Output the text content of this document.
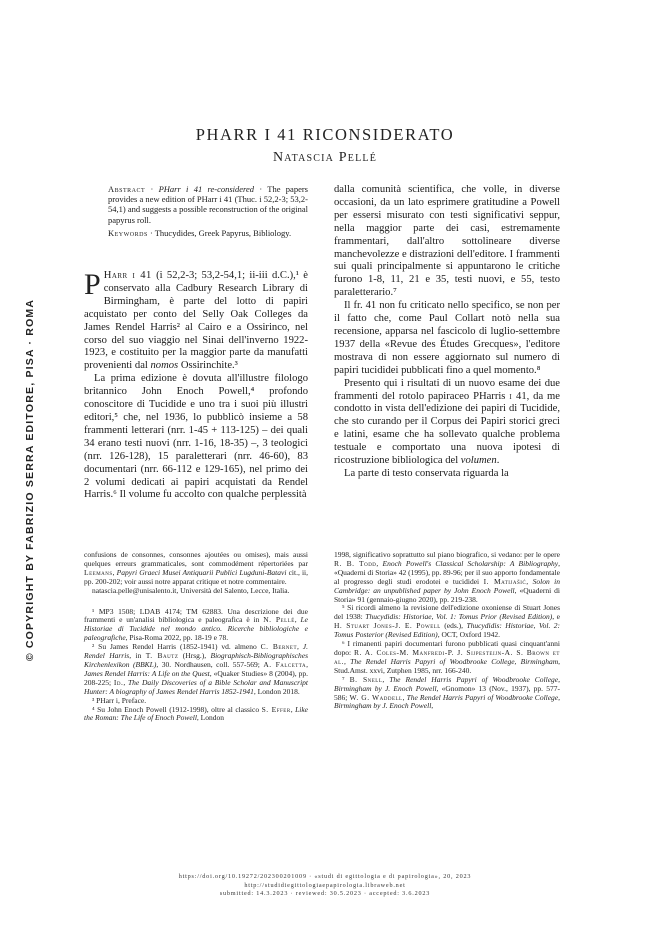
© COPYRIGHT BY FABRIZIO SERRA EDITORE, PISA · ROMA
PHARR I 41 RICONSIDERATO
Natascia Pellé

Abstract · PHarr i 41 re-considered · The papers provides a new edition of PHarr i 41 (Thuc. i 52,2-3; 53,2-54,1) and suggests a possible reconstruction of the original papyrus roll.

Keywords · Thucydides, Greek Papyrus, Bibliology.

P Harr i 41 (i 52,2-3; 53,2-54,1; ii-iii d.C.),¹ è conservato alla Cadbury Research Library di Birmingham, è parte del lotto di papiri acquistato per conto del Selly Oak Colleges da James Rendel Harris² al Cairo e a Ossirinco, nel corso del suo viaggio nel Sinai dell'inverno 1922-1923, e costituito per la maggior parte da manufatti provenienti dal nomos Ossirinchite.³

La prima edizione è dovuta all'illustre filologo britannico John Enoch Powell,⁴ profondo conoscitore di Tucidide e uno tra i suoi più illustri editori,⁵ che, nel 1936, lo pubblicò insieme a 58 frammenti letterari (nrr. 1-45 + 113-125) – dei quali 34 erano testi nuovi (nrr. 1-16, 18-35) –, 3 teologici (nrr. 126-128), 15 paraletterari (nrr. 46-60), 83 documentari (nrr. 66-112 e 129-165), nel primo dei 2 volumi dedicati ai papiri acquistati da Rendel Harris.⁶ Il volume fu accolto con qualche perplessità

dalla comunità scientifica, che volle, in diverse occasioni, da un lato esprimere gratitudine a Powell per essersi misurato con testi significativi seppur, nella maggior parte dei casi, estremamente frammentari, dall'altro sottolineare diverse manchevolezze e distrazioni dell'editore. I frammenti sui quali principalmente si appuntarono le critiche furono 1-8, 11, 21 e 35, testi nuovi, e 55, testo paraletterario.⁷

Il fr. 41 non fu criticato nello specifico, se non per il fatto che, come Paul Collart notò nella sua recensione, apparsa nel fascicolo di luglio-settembre 1937 della «Revue des Études Grecques», l'editore mostrava di non essere aggiornato sul numero di papiri tucididei pubblicati fino a quel momento.⁸

Presento qui i risultati di un nuovo esame dei due frammenti del rotolo papiraceo PHarris i 41, da me condotto in vista dell'edizione dei papiri di Tucidide, che sto curando per il Corpus dei Papiri storici greci e latini, esame che ha sollevato qualche problema testuale e comportato una nuova ipotesi di ricostruzione bibliologica del volumen.

La parte di testo conservata riguarda la

confusions de consonnes, consonnes ajoutées ou omises), mais aussi quelques erreurs grammaticales, sont commodément répertoriées par Leemans, Papyri Graeci Musei Antiquarii Publici Lugduni-Batavi cit., ii, pp. 200-202; voir aussi notre apparat critique et notre commentaire.

natascia.pelle@unisalento.it, Università del Salento, Lecce, Italia.

¹ MP3 1508; LDAB 4174; TM 62883. Una descrizione dei due frammenti e un'analisi bibliologica e paleografica è in N. Pellé, Le Historiae di Tucidide nel mondo antico. Ricerche bibliologiche e paleografiche, Pisa-Roma 2022, pp. 18-19 e 78.

² Su James Rendel Harris (1852-1941) vd. almeno C. Bernet, J. Rendel Harris, in T. Bautz (Hrsg.), Biographisch-Bibliographisches Kirchenlexikon (BBKL), 30. Nordhausen, coll. 557-569; A. Falcetta, James Rendel Harris: A Life on the Quest, «Quaker Studies» 8 (2004), pp. 208-225; Id., The Daily Discoveries of a Bible Scholar and Manuscript Hunter: A biography of James Rendel Harris 1852-1941, London 2018.

³ PHarr i, Preface.

⁴ Su John Enoch Powell (1912-1998), oltre al classico S. Effer, Like the Roman: The Life of Enoch Powell, London

1998, significativo soprattutto sul piano biografico, si vedano: per le opere R. B. Todd, Enoch Powell's Classical Scholarship: A Bibliography, «Quaderni di Storia» 42 (1995), pp. 89-96; per il suo apporto fondamentale al progresso degli studi erodotei e tucididei I. Matijašić, Solon in Cambridge: an unpublished paper by John Enoch Powell, «Quaderni di Storia» 91 (gennaio-giugno 2020), pp. 219-238.

⁵ Si ricordi almeno la revisione dell'edizione oxoniense di Stuart Jones del 1938: Thucydidis: Historiae, Vol. 1: Tomus Prior (Revised Edition), e H. Stuart Jones-J. E. Powell (eds.), Thucydidis: Historiae, Vol. 2: Tomus Posterior (Revised Edition), OCT, Oxford 1942.

⁶ I rimanenti papiri documentari furono pubblicati quasi cinquant'anni dopo: R. A. Coles-M. Manfredi-P. J. Sijpesteijn-A. S. Brown et al., The Rendel Harris Papyri of Woodbrooke College, Birmingham, Stud.Amst. xxvi, Zutphen 1985, nrr. 166-240.

⁷ B. Snell, The Rendel Harris Papyri of Woodbrooke College, Birmingham by J. Enoch Powell, «Gnomon» 13 (Nov., 1937), pp. 577-586; W. G. Waddell, The Rendel Harris Papyri of Woodbrooke College, Birmingham by J. Enoch Powell,

https://doi.org/10.19272/202300201009 · «studi di egittologia e di papirologia», 20, 2023
http://studidiegittologiaepapirologia.libraweb.net
submitted: 14.3.2023 · reviewed: 30.5.2023 · accepted: 3.6.2023
